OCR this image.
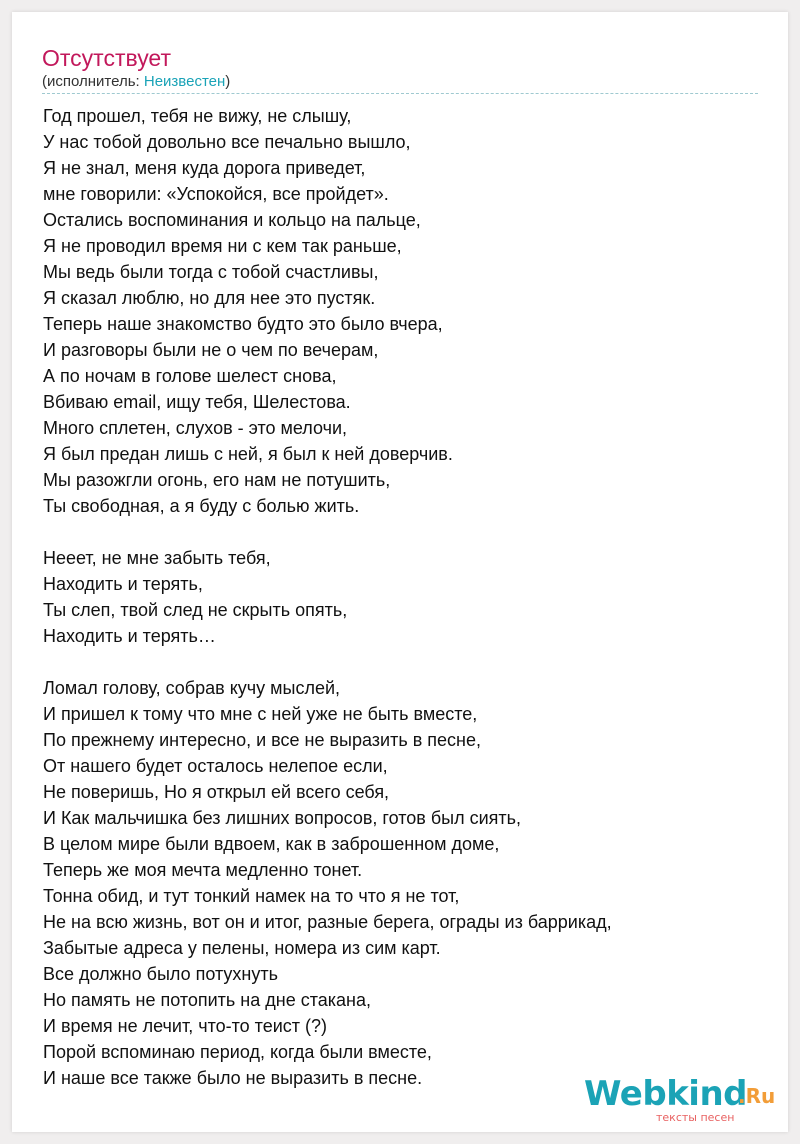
Отсутствует
(исполнитель: Неизвестен)
Год прошел, тебя не вижу, не слышу,
У нас тобой довольно все печально вышло,
Я не знал, меня куда дорога приведет,
мне говорили: «Успокойся, все пройдет».
Остались воспоминания и кольцо на пальце,
Я не проводил время ни с кем так раньше,
Мы ведь были тогда с тобой счастливы,
Я сказал люблю, но для нее это пустяк.
Теперь наше знакомство будто это было вчера,
И разговоры были не о чем по вечерам,
А по ночам в голове шелест снова,
Вбиваю email, ищу тебя, Шелестова.
Много сплетен, слухов - это мелочи,
Я был предан лишь с ней, я был к ней доверчив.
Мы разожгли огонь, его нам не потушить,
Ты свободная, а я буду с болью жить.
Нееет, не мне забыть тебя,
Находить и терять,
Ты слеп, твой след не скрыть опять,
Находить и терять…
Ломал голову, собрав кучу мыслей,
И пришел к тому что мне с ней уже не быть вместе,
По прежнему интересно, и все не выразить в песне,
От нашего будет осталось нелепое если,
Не поверишь, Но я открыл ей всего себя,
И Как мальчишка без лишних вопросов, готов был сиять,
В целом мире были вдвоем, как в заброшенном доме,
Теперь же моя мечта медленно тонет.
Тонна обид, и тут тонкий намек на то что я не тот,
Не на всю жизнь, вот он и итог, разные берега, ограды из баррикад,
Забытые адреса у пелены, номера из сим карт.
Все должно было потухнуть
Но память не потопить на дне стакана,
И время не лечит, что-то теист (?)
Порой вспоминаю период, когда были вместе,
И наше все также было не выразить в песне.	Webkind
.Ru
тексты песен
